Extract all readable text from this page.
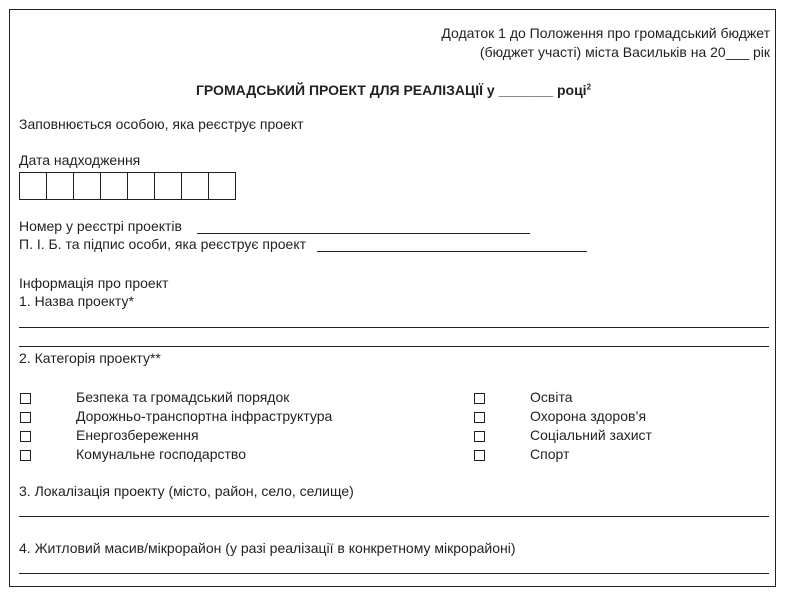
Додаток 1 до Положення про громадський бюджет
(бюджет участі) міста Васильків на 20___ рік
ГРОМАДСЬКИЙ ПРОЕКТ ДЛЯ РЕАЛІЗАЦІЇ у _______ році$^2$
Заповнюється особою, яка реєструє проект
Дата надходження
Номер у реєстрі проектів
П. І. Б. та підпис особи, яка реєструє проект
Інформація про проект
1. Назва проекту*
2. Категорія проекту**
Безпека та громадський порядок
Дорожньо-транспортна інфраструктура
Енергозбереження
Комунальне господарство
Освіта
Охорона здоров’я
Соціальний захист
Спорт
3. Локалізація проекту (місто, район, село, селище)
4. Житловий масив/мікрорайон (у разі реалізації в конкретному мікрорайоні)
